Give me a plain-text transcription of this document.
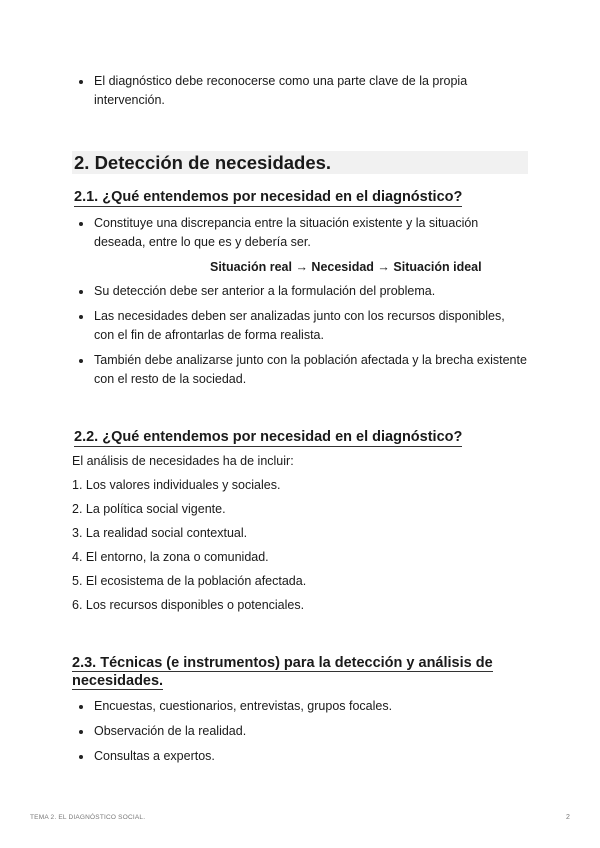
El diagnóstico debe reconocerse como una parte clave de la propia intervención.
2. Detección de necesidades.
2.1. ¿Qué entendemos por necesidad en el diagnóstico?
Constituye una discrepancia entre la situación existente y la situación deseada, entre lo que es y debería ser.
Situación real → Necesidad → Situación ideal
Su detección debe ser anterior a la formulación del problema.
Las necesidades deben ser analizadas junto con los recursos disponibles, con el fin de afrontarlas de forma realista.
También debe analizarse junto con la población afectada y la brecha existente con el resto de la sociedad.
2.2. ¿Qué entendemos por necesidad en el diagnóstico?
El análisis de necesidades ha de incluir:
1. Los valores individuales y sociales.
2. La política social vigente.
3. La realidad social contextual.
4. El entorno, la zona o comunidad.
5. El ecosistema de la población afectada.
6. Los recursos disponibles o potenciales.
2.3. Técnicas (e instrumentos) para la detección y análisis de
necesidades.
Encuestas, cuestionarios, entrevistas, grupos focales.
Observación de la realidad.
Consultas a expertos.
TEMA 2. EL DIAGNÓSTICO SOCIAL.	2
